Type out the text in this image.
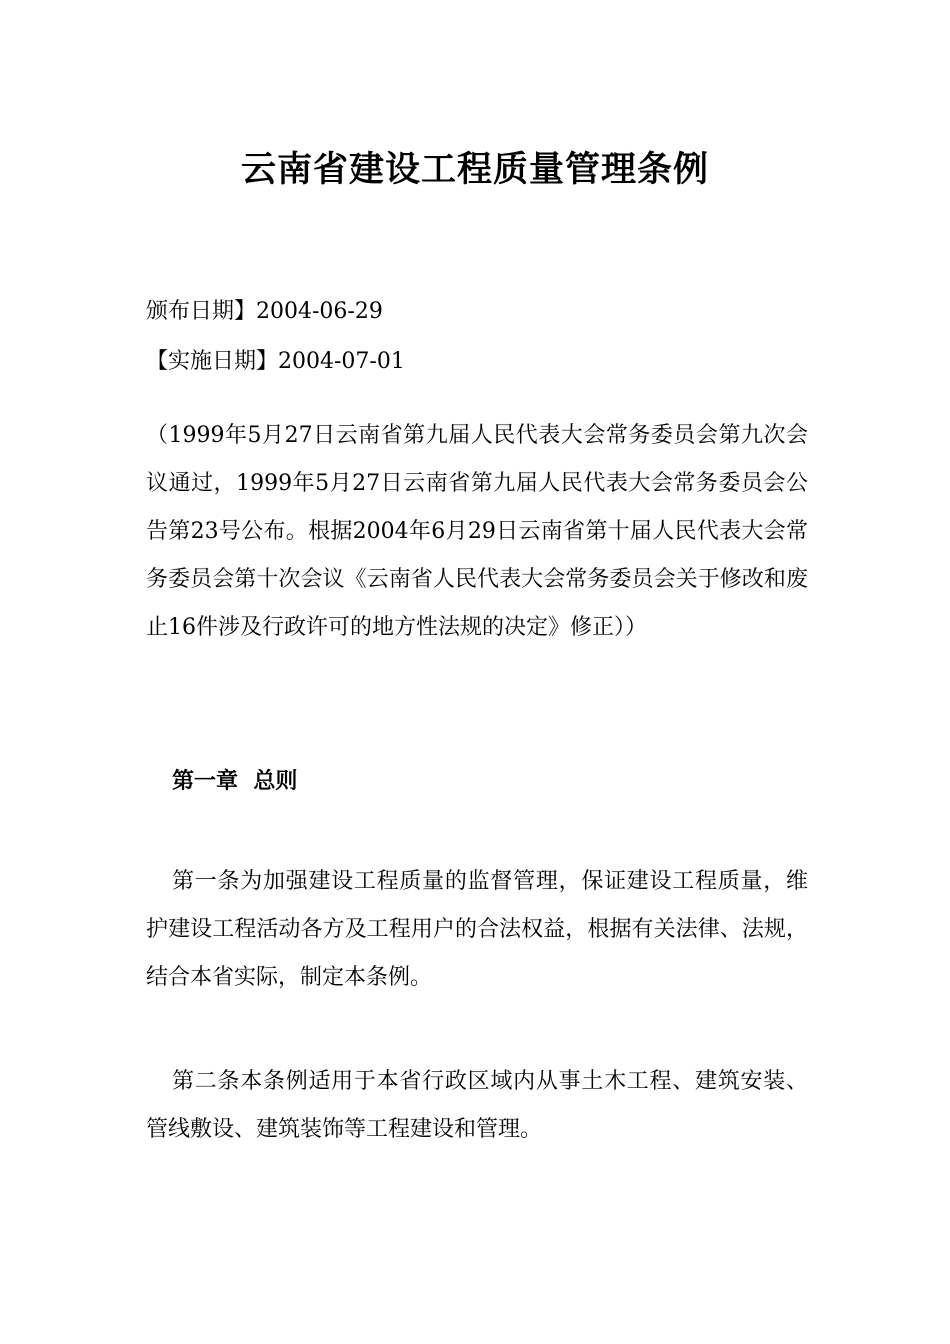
云南省建设工程质量管理条例

颁布日期】2004-06-29

【实施日期】2004-07-01

（1999年5月27日云南省第九届人民代表大会常务委员会第九次会议通过，1999年5月27日云南省第九届人民代表大会常务委员会公告第23号公布。根据2004年6月29日云南省第十届人民代表大会常务委员会第十次会议《云南省人民代表大会常务委员会关于修改和废止16件涉及行政许可的地方性法规的决定》修正））

第一章  总则

第一条为加强建设工程质量的监督管理，保证建设工程质量，维护建设工程活动各方及工程用户的合法权益，根据有关法律、法规，结合本省实际，制定本条例。

第二条本条例适用于本省行政区域内从事土木工程、建筑安装、管线敷设、建筑装饰等工程建设和管理。
